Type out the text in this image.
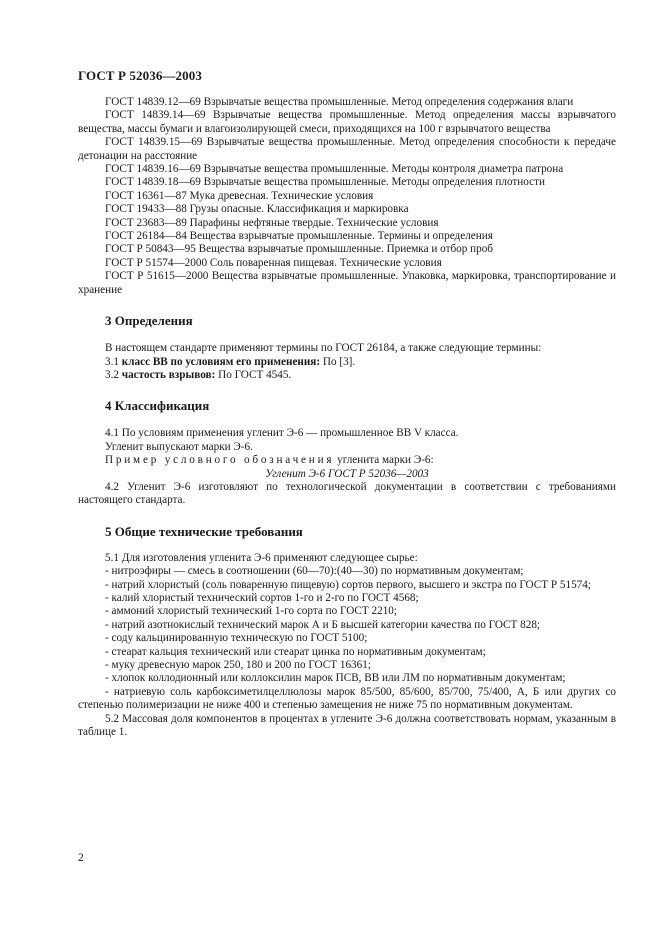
ГОСТ Р 52036—2003

ГОСТ 14839.12—69 Взрывчатые вещества промышленные. Метод определения содержания влаги

ГОСТ 14839.14—69 Взрывчатые вещества промышленные. Метод определения массы взрывчатого вещества, массы бумаги и влагоизолирующей смеси, приходящихся на 100 г взрывчатого вещества

ГОСТ 14839.15—69 Взрывчатые вещества промышленные. Метод определения способности к передаче детонации на расстояние

ГОСТ 14839.16—69 Взрывчатые вещества промышленные. Методы контроля диаметра патрона

ГОСТ 14839.18—69 Взрывчатые вещества промышленные. Методы определения плотности

ГОСТ 16361—87 Мука древесная. Технические условия

ГОСТ 19433—88 Грузы опасные. Классификация и маркировка

ГОСТ 23683—89 Парафины нефтяные твердые. Технические условия

ГОСТ 26184—84 Вещества взрывчатые промышленные. Термины и определения

ГОСТ Р 50843—95 Вещества взрывчатые промышленные. Приемка и отбор проб

ГОСТ Р 51574—2000 Соль поваренная пищевая. Технические условия

ГОСТ Р 51615—2000 Вещества взрывчатые промышленные. Упаковка, маркировка, транспортирование и хранение

3 Определения

В настоящем стандарте применяют термины по ГОСТ 26184, а также следующие термины:

3.1 класс ВВ по условиям его применения: По [3].

3.2 частость взрывов: По ГОСТ 4545.

4 Классификация

4.1 По условиям применения угленит Э-6 — промышленное ВВ V класса.

Угленит выпускают марки Э-6.

Пример условного обозначения угленита марки Э-6:

Угленит Э-6 ГОСТ Р 52036—2003

4.2 Угленит Э-6 изготовляют по технологической документации в соответствии с требованиями настоящего стандарта.

5 Общие технические требования

5.1 Для изготовления угленита Э-6 применяют следующее сырье:

- нитроэфиры — смесь в соотношении (60—70):(40—30) по нормативным документам;

- натрий хлористый (соль поваренную пищевую) сортов первого, высшего и экстра по ГОСТ Р 51574;

- калий хлористый технический сортов 1-го и 2-го по ГОСТ 4568;

- аммоний хлористый технический 1-го сорта по ГОСТ 2210;

- натрий азотнокислый технический марок А и Б высшей категории качества по ГОСТ 828;

- соду кальцинированную техническую по ГОСТ 5100;

- стеарат кальция технический или стеарат цинка по нормативным документам;

- муку древесную марок 250, 180 и 200 по ГОСТ 16361;

- хлопок коллодионный или коллоксилин марок ПСВ, ВВ или ЛМ по нормативным документам;

- натриевую соль карбоксиметилцеллюлозы марок 85/500, 85/600, 85/700, 75/400, А, Б или других со степенью полимеризации не ниже 400 и степенью замещения не ниже 75 по нормативным документам.

5.2 Массовая доля компонентов в процентах в углените Э-6 должна соответствовать нормам, указанным в таблице 1.

2
